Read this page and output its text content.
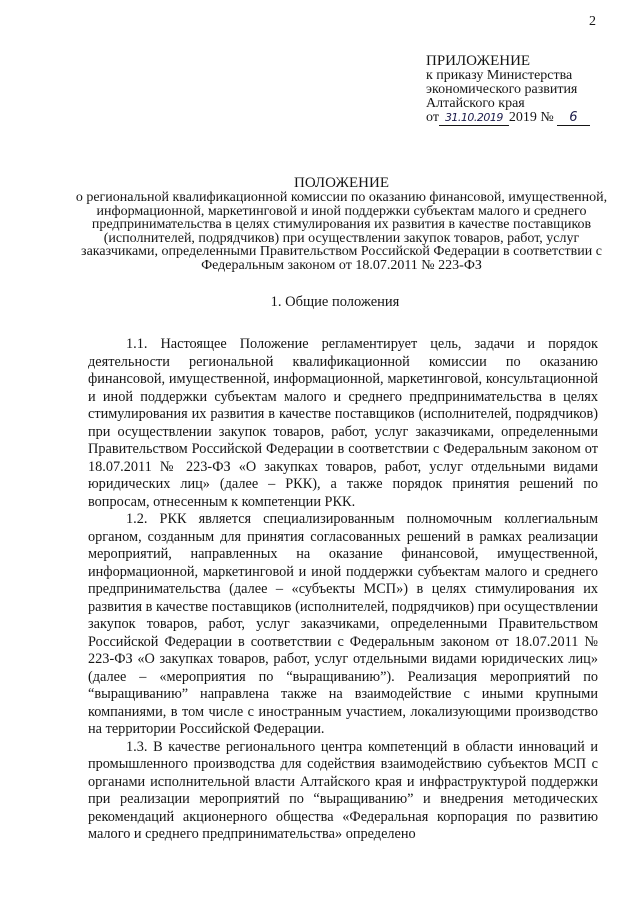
2
ПРИЛОЖЕНИЕ
к приказу Министерства
экономического развития
Алтайского края
от 31.10.2019 2019 № 6
ПОЛОЖЕНИЕ
о региональной квалификационной комиссии по оказанию финансовой, имущественной, информационной, маркетинговой и иной поддержки субъектам малого и среднего предпринимательства в целях стимулирования их развития в качестве поставщиков (исполнителей, подрядчиков) при осуществлении закупок товаров, работ, услуг заказчиками, определенными Правительством Российской Федерации в соответствии с Федеральным законом от 18.07.2011 № 223-ФЗ
1. Общие положения

1.1. Настоящее Положение регламентирует цель, задачи и порядок деятельности региональной квалификационной комиссии по оказанию финансовой, имущественной, информационной, маркетинговой, консультационной и иной поддержки субъектам малого и среднего предпринимательства в целях стимулирования их развития в качестве поставщиков (исполнителей, подрядчиков) при осуществлении закупок товаров, работ, услуг заказчиками, определенными Правительством Российской Федерации в соответствии с Федеральным законом от 18.07.2011 № 223-ФЗ «О закупках товаров, работ, услуг отдельными видами юридических лиц» (далее – РКК), а также порядок принятия решений по вопросам, отнесенным к компетенции РКК.

1.2. РКК является специализированным полномочным коллегиальным органом, созданным для принятия согласованных решений в рамках реализации мероприятий, направленных на оказание финансовой, имущественной, информационной, маркетинговой и иной поддержки субъектам малого и среднего предпринимательства (далее – «субъекты МСП») в целях стимулирования их развития в качестве поставщиков (исполнителей, подрядчиков) при осуществлении закупок товаров, работ, услуг заказчиками, определенными Правительством Российской Федерации в соответствии с Федеральным законом от 18.07.2011 № 223-ФЗ «О закупках товаров, работ, услуг отдельными видами юридических лиц» (далее – «мероприятия по “выращиванию”). Реализация мероприятий по “выращиванию” направлена также на взаимодействие с иными крупными компаниями, в том числе с иностранным участием, локализующими производство на территории Российской Федерации.

1.3. В качестве регионального центра компетенций в области инноваций и промышленного производства для содействия взаимодействию субъектов МСП с органами исполнительной власти Алтайского края и инфраструктурой поддержки при реализации мероприятий по “выращиванию” и внедрения методических рекомендаций акционерного общества «Федеральная корпорация по развитию малого и среднего предпринимательства» определено
